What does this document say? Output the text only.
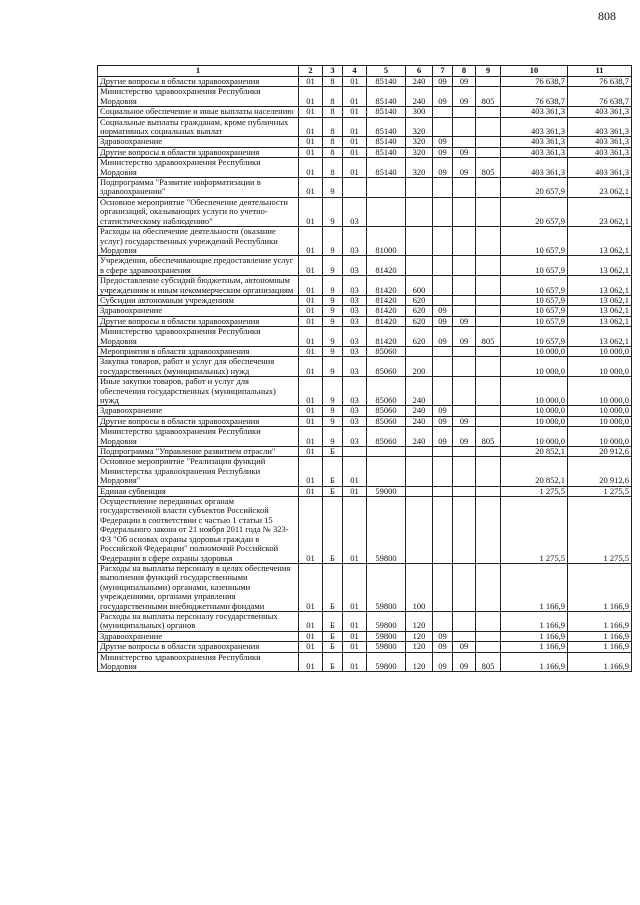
808
1	2	3	4	5	6	7	8	9	10	11
Другие вопросы в области здравоохранения	01	8	01	85140	240	09	09		76 638,7	76 638,7
Министерство здравоохранения Республики Мордовия	01	8	01	85140	240	09	09	805	76 638,7	76 638,7
Социальное обеспечение и иные выплаты населению	01	8	01	85140	300				403 361,3	403 361,3
Социальные выплаты гражданам, кроме публичных нормативных социальных выплат	01	8	01	85140	320				403 361,3	403 361,3
Здравоохранение	01	8	01	85140	320	09			403 361,3	403 361,3
Другие вопросы в области здравоохранения	01	8	01	85140	320	09	09		403 361,3	403 361,3
Министерство здравоохранения Республики Мордовия	01	8	01	85140	320	09	09	805	403 361,3	403 361,3
Подпрограмма "Развитие информатизации в здравоохранении"	01	9							20 657,9	23 062,1
Основное мероприятие "Обеспечение деятельности организаций, оказывающих услуги по учетно-статистическому наблюдению"	01	9	03						20 657,9	23 062,1
Расходы на обеспечение деятельности (оказание услуг) государственных учреждений Республики Мордовия	01	9	03	81000					10 657,9	13 062,1
Учреждения, обеспечивающие предоставление услуг в сфере здравоохранения	01	9	03	81420					10 657,9	13 062,1
Предоставление субсидий бюджетным, автономным учреждениям и иным некоммерческим организациям	01	9	03	81420	600				10 657,9	13 062,1
Субсидии автономным учреждениям	01	9	03	81420	620				10 657,9	13 062,1
Здравоохранение	01	9	03	81420	620	09			10 657,9	13 062,1
Другие вопросы в области здравоохранения	01	9	03	81420	620	09	09		10 657,9	13 062,1
Министерство здравоохранения Республики Мордовия	01	9	03	81420	620	09	09	805	10 657,9	13 062,1
Мероприятия в области здравоохранения	01	9	03	85060					10 000,0	10 000,0
Закупка товаров, работ и услуг для обеспечения государственных (муниципальных) нужд	01	9	03	85060	200				10 000,0	10 000,0
Иные закупки товаров, работ и услуг для обеспечения государственных (муниципальных) нужд	01	9	03	85060	240				10 000,0	10 000,0
Здравоохранение	01	9	03	85060	240	09			10 000,0	10 000,0
Другие вопросы в области здравоохранения	01	9	03	85060	240	09	09		10 000,0	10 000,0
Министерство здравоохранения Республики Мордовия	01	9	03	85060	240	09	09	805	10 000,0	10 000,0
Подпрограмма "Управление развитием отрасли"	01	Б							20 852,1	20 912,6
Основное мероприятие "Реализация функций Министерства здравоохранения Республики Мордовия"	01	Б	01						20 852,1	20 912,6
Единая субвенция	01	Б	01	59000					1 275,5	1 275,5
Осуществление переданных органам государственной власти субъектов Российской Федерации в соответствии с частью 1 статьи 15 Федерального закона от 21 ноября 2011 года № 323-ФЗ "Об основах охраны здоровья граждан в Российской Федерации" полномочий Российской Федерации в сфере охраны здоровья	01	Б	01	59800					1 275,5	1 275,5
Расходы на выплаты персоналу в целях обеспечения выполнения функций государственными (муниципальными) органами, казенными учреждениями, органами управления государственными внебюджетными фондами	01	Б	01	59800	100				1 166,9	1 166,9
Расходы на выплаты персоналу государственных (муниципальных) органов	01	Б	01	59800	120				1 166,9	1 166,9
Здравоохранение	01	Б	01	59800	120	09			1 166,9	1 166,9
Другие вопросы в области здравоохранения	01	Б	01	59800	120	09	09		1 166,9	1 166,9
Министерство здравоохранения Республики Мордовия	01	Б	01	59800	120	09	09	805	1 166,9	1 166,9
